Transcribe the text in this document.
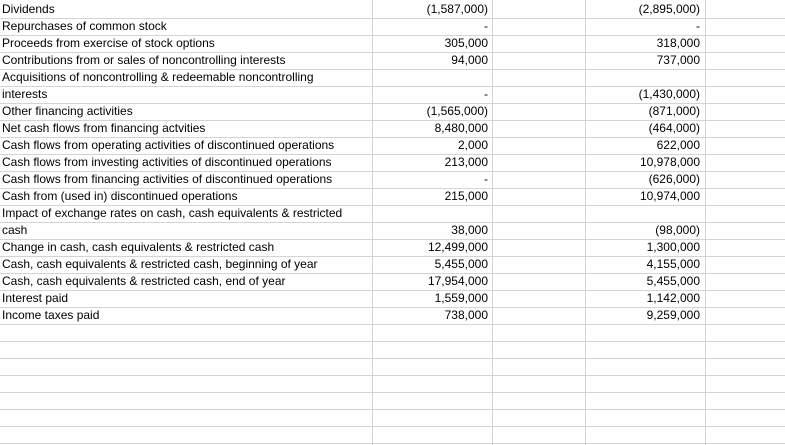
Dividends	(1,587,000)	(2,895,000)
Repurchases of common stock	-	-
Proceeds from exercise of stock options	305,000	318,000
Contributions from or sales of noncontrolling interests	94,000	737,000
Acquisitions of noncontrolling & redeemable noncontrolling
interests	-	(1,430,000)
Other financing activities	(1,565,000)	(871,000)
Net cash flows from financing actvities	8,480,000	(464,000)
Cash flows from operating activities of discontinued operations	2,000	622,000
Cash flows from investing activities of discontinued operations	213,000	10,978,000
Cash flows from financing activities of discontinued operations	-	(626,000)
Cash from (used in) discontinued operations	215,000	10,974,000
Impact of exchange rates on cash, cash equivalents & restricted
cash	38,000	(98,000)
Change in cash, cash equivalents & restricted cash	12,499,000	1,300,000
Cash, cash equivalents & restricted cash, beginning of year	5,455,000	4,155,000
Cash, cash equivalents & restricted cash, end of year	17,954,000	5,455,000
Interest paid	1,559,000	1,142,000
Income taxes paid	738,000	9,259,000
